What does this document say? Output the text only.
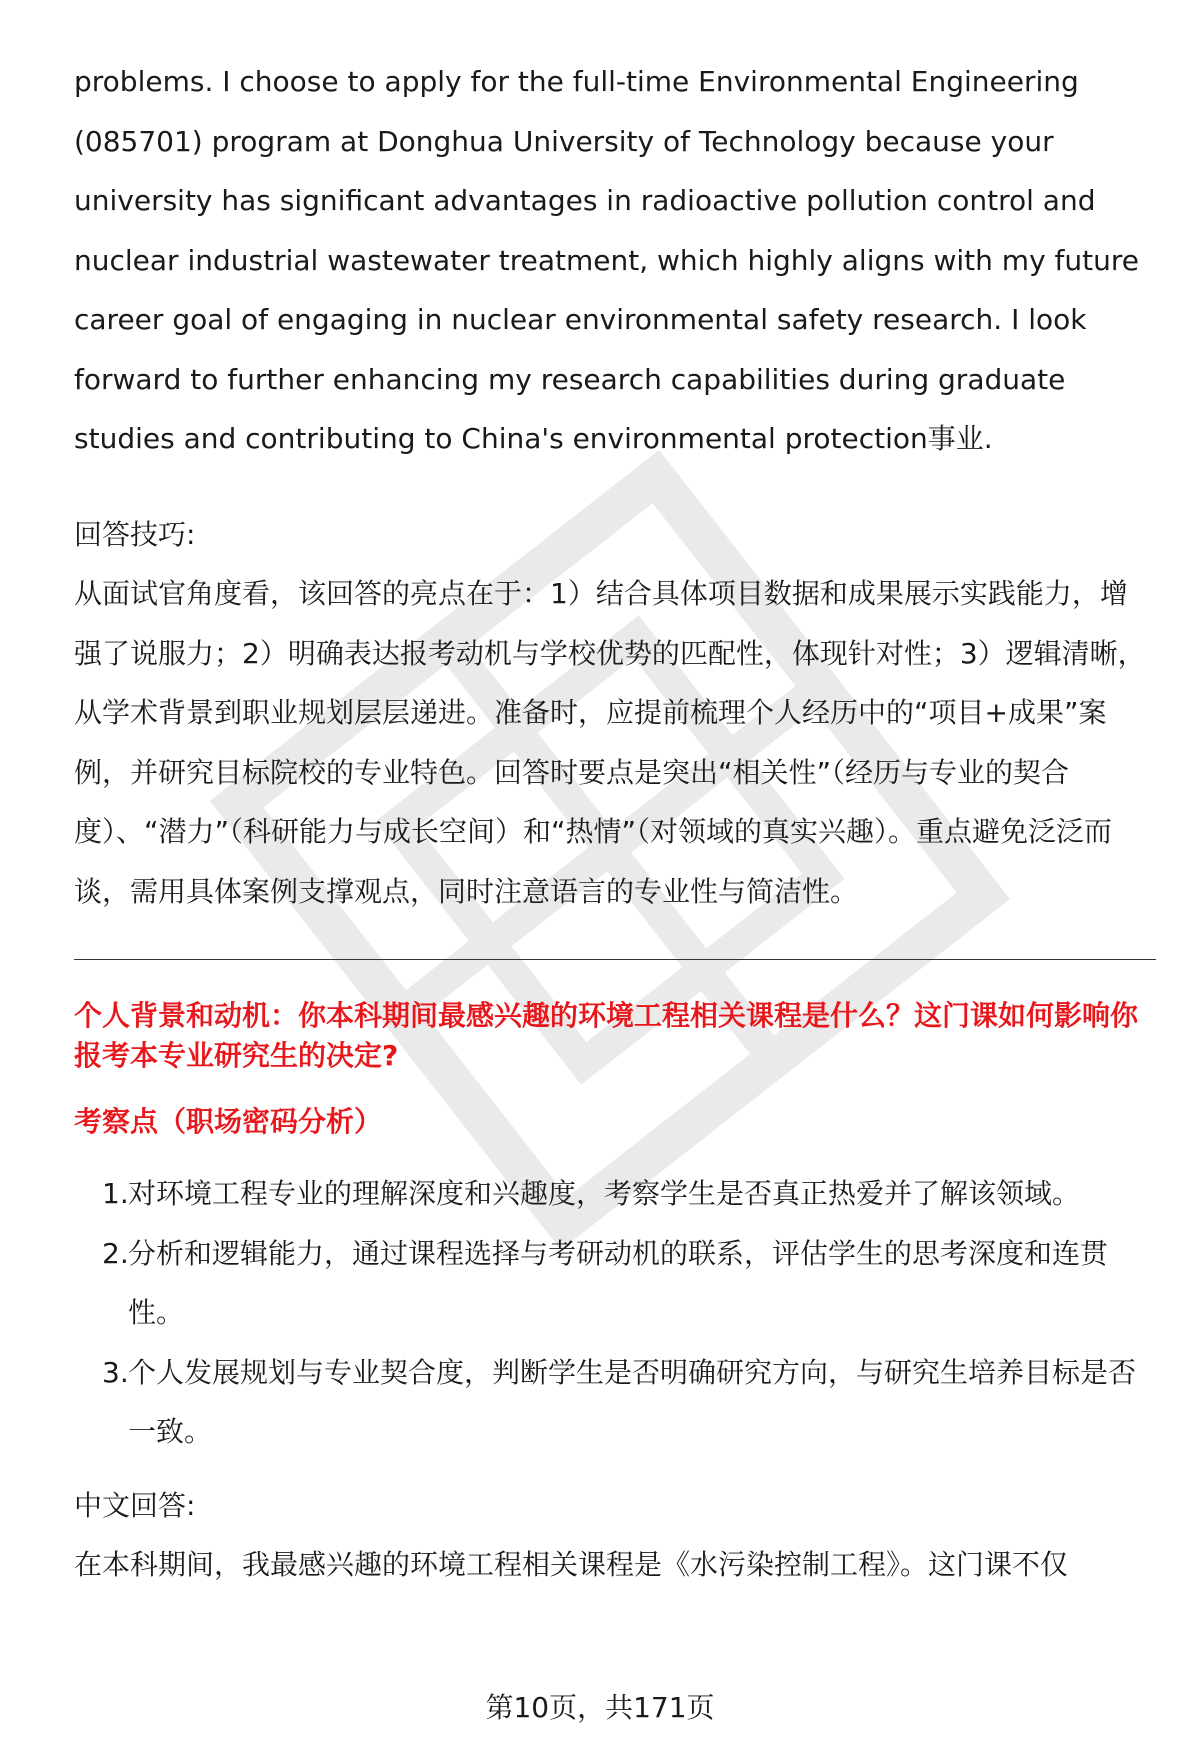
problems. I choose to apply for the full-time Environmental Engineering (085701) program at Donghua University of Technology because your university has significant advantages in radioactive pollution control and nuclear industrial wastewater treatment, which highly aligns with my future career goal of engaging in nuclear environmental safety research. I look forward to further enhancing my research capabilities during graduate studies and contributing to China's environmental protection事业.

回答技巧:

从面试官角度看，该回答的亮点在于：1）结合具体项目数据和成果展示实践能力，增强了说服力；2）明确表达报考动机与学校优势的匹配性，体现针对性；3）逻辑清晰，从学术背景到职业规划层层递进。准备时，应提前梳理个人经历中的“项目+成果”案例，并研究目标院校的专业特色。回答时要点是突出“相关性”（经历与专业的契合度）、“潜力”（科研能力与成长空间）和“热情”（对领域的真实兴趣）。重点避免泛泛而谈，需用具体案例支撑观点，同时注意语言的专业性与简洁性。

个人背景和动机：你本科期间最感兴趣的环境工程相关课程是什么？这门课如何影响你报考本专业研究生的决定?
考察点（职场密码分析）
1. 对环境工程专业的理解深度和兴趣度，考察学生是否真正热爱并了解该领域。
2. 分析和逻辑能力，通过课程选择与考研动机的联系，评估学生的思考深度和连贯性。
3. 个人发展规划与专业契合度，判断学生是否明确研究方向，与研究生培养目标是否一致。
中文回答:

在本科期间，我最感兴趣的环境工程相关课程是《水污染控制工程》。这门课不仅

第10页，共171页
